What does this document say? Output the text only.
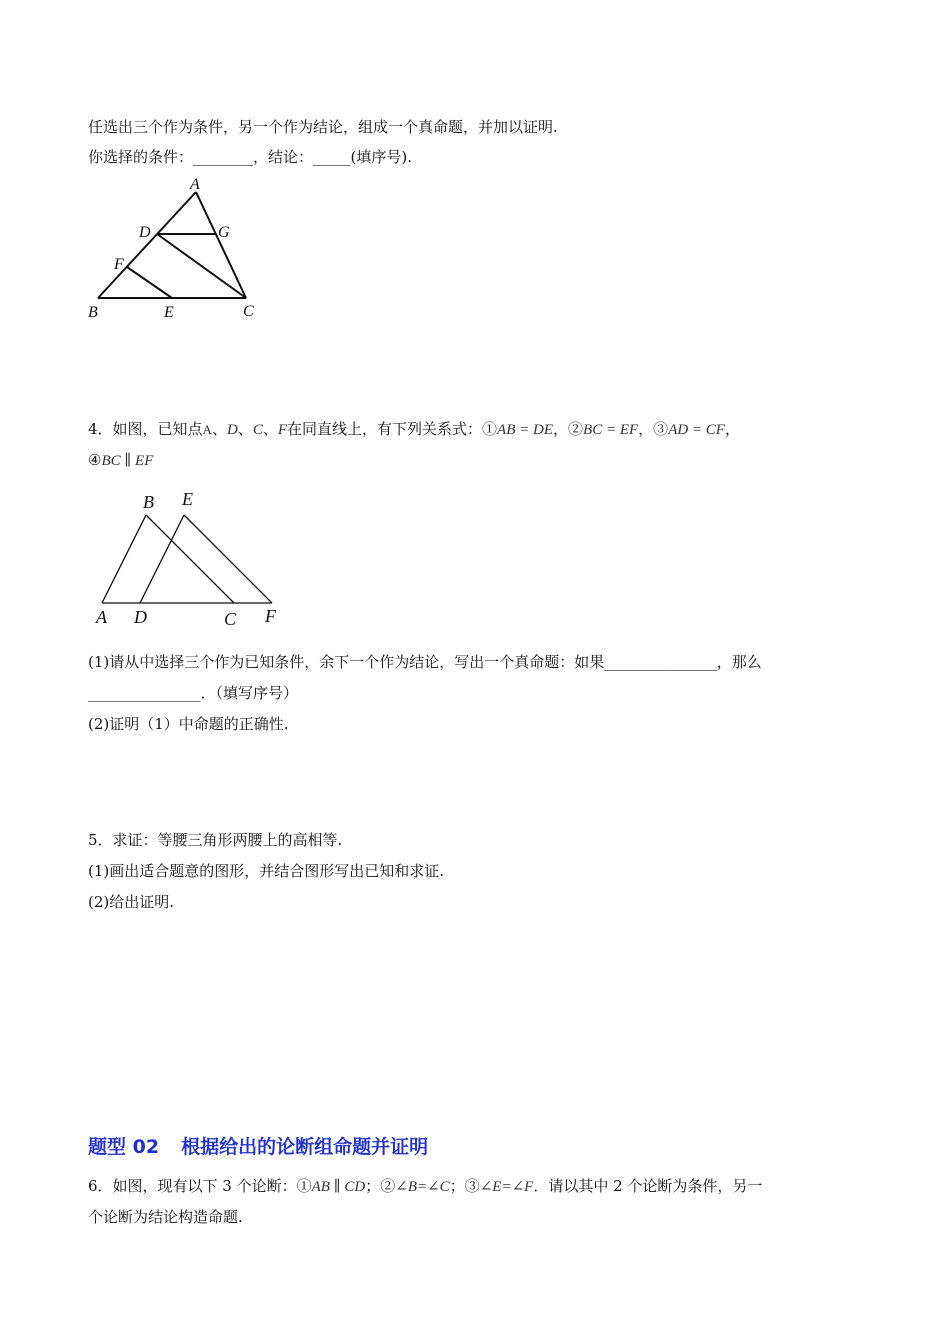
任选出三个作为条件，另一个作为结论，组成一个真命题，并加以证明.
你选择的条件：________，结论：_____(填序号).
A
D	G
F
B	E	C
4．如图，已知点A、D、C、F在同直线上，有下列关系式：①AB = DE，②BC = EF，③AD = CF，
④BC ∥ EF
B E
A D	C F
(1)请从中选择三个作为已知条件，余下一个作为结论，写出一个真命题：如果_______________，那么
_______________．（填写序号）
(2)证明（1）中命题的正确性.
5．求证：等腰三角形两腰上的高相等.
(1)画出适合题意的图形，并结合图形写出已知和求证.
(2)给出证明.
题型 02 根据给出的论断组命题并证明
6．如图，现有以下 3 个论断：①AB ∥ CD；②∠B=∠C；③∠E=∠F．请以其中 2 个论断为条件，另一
个论断为结论构造命题.
